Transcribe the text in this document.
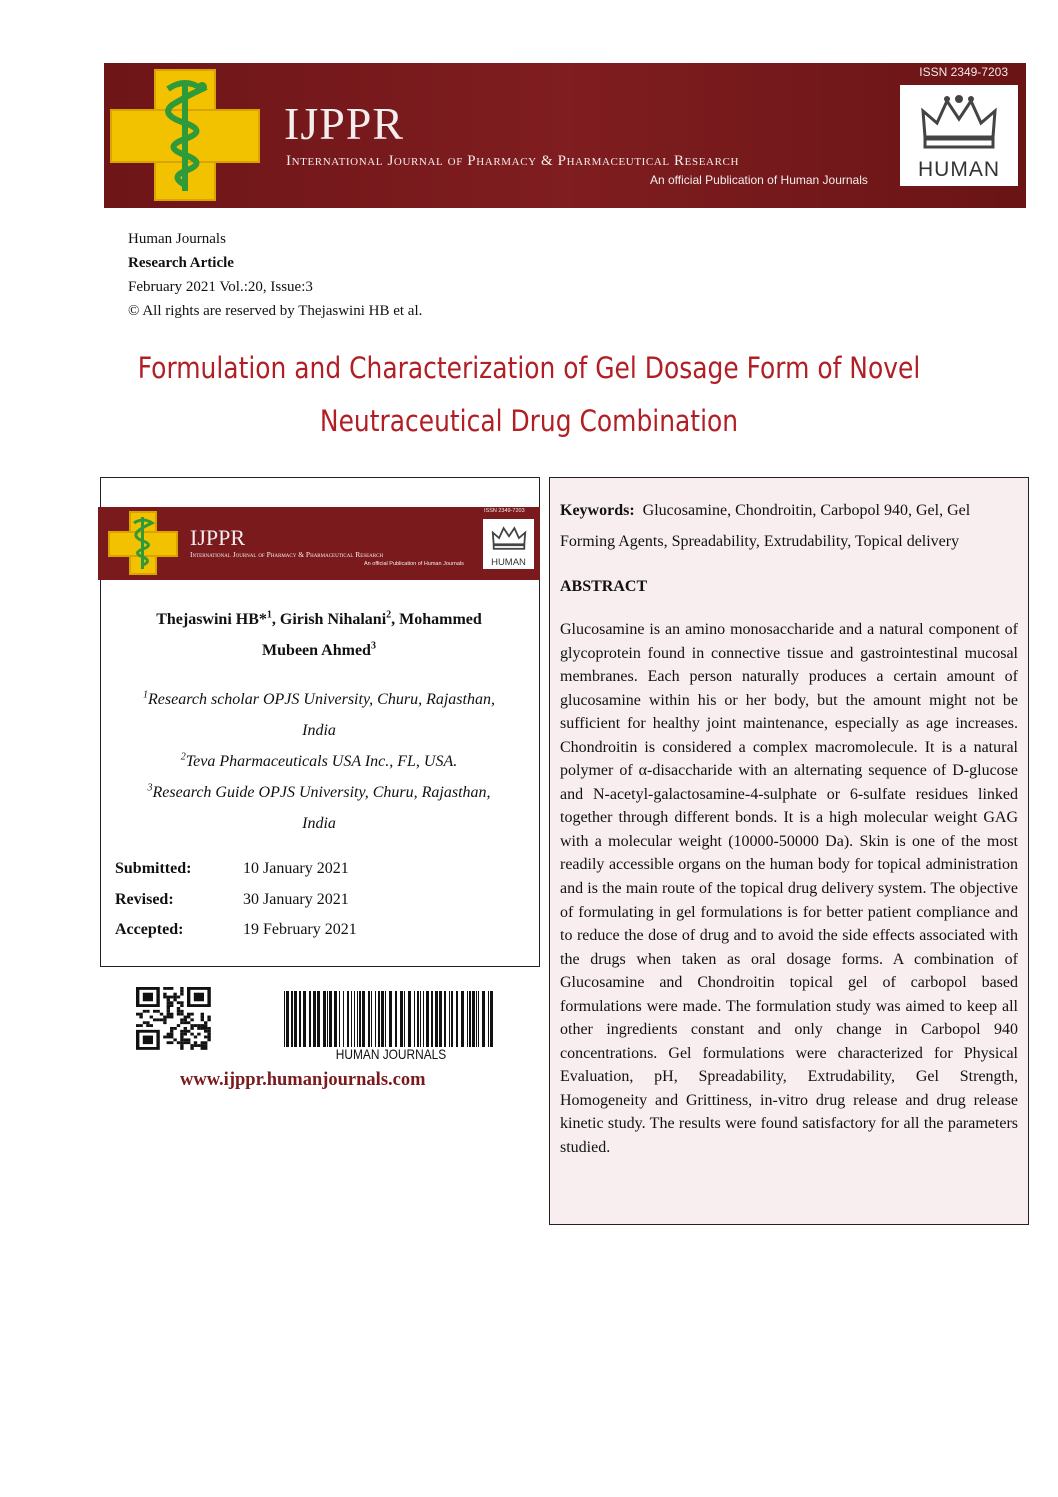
ISSN 2349-7203
IJPPR
International Journal of Pharmacy & Pharmaceutical Research
An official Publication of Human Journals	HUMAN
Human Journals
Research Article
February 2021 Vol.:20, Issue:3
© All rights are reserved by Thejaswini HB et al.
Formulation and Characterization of Gel Dosage Form of Novel
Neutraceutical Drug Combination
ISSN 2349-7203
IJPPR
International Journal of Pharmacy & Pharmaceutical Research
An official Publication of Human Journals	HUMAN
Thejaswini HB*$^1$, Girish Nihalani$^2$, Mohammed
Mubeen Ahmed$^3$
$^1$Research scholar OPJS University, Churu, Rajasthan,
India
$^2$Teva Pharmaceuticals USA Inc., FL, USA.
$^3$Research Guide OPJS University, Churu, Rajasthan,
India
Submitted:	10 January 2021
Revised:	30 January 2021
Accepted:	19 February 2021
HUMAN JOURNALS
www.ijppr.humanjournals.com
Keywords: Glucosamine, Chondroitin, Carbopol 940, Gel, Gel Forming Agents, Spreadability, Extrudability, Topical delivery
ABSTRACT
Glucosamine is an amino monosaccharide and a natural component of glycoprotein found in connective tissue and gastrointestinal mucosal membranes. Each person naturally produces a certain amount of glucosamine within his or her body, but the amount might not be sufficient for healthy joint maintenance, especially as age increases. Chondroitin is considered a complex macromolecule. It is a natural polymer of α-disaccharide with an alternating sequence of D-glucose and N-acetyl-galactosamine-4-sulphate or 6-sulfate residues linked together through different bonds. It is a high molecular weight GAG with a molecular weight (10000-50000 Da). Skin is one of the most readily accessible organs on the human body for topical administration and is the main route of the topical drug delivery system. The objective of formulating in gel formulations is for better patient compliance and to reduce the dose of drug and to avoid the side effects associated with the drugs when taken as oral dosage forms. A combination of Glucosamine and Chondroitin topical gel of carbopol based formulations were made. The formulation study was aimed to keep all other ingredients constant and only change in Carbopol 940 concentrations. Gel formulations were characterized for Physical Evaluation, pH, Spreadability, Extrudability, Gel Strength, Homogeneity and Grittiness, in-vitro drug release and drug release kinetic study. The results were found satisfactory for all the parameters studied.
